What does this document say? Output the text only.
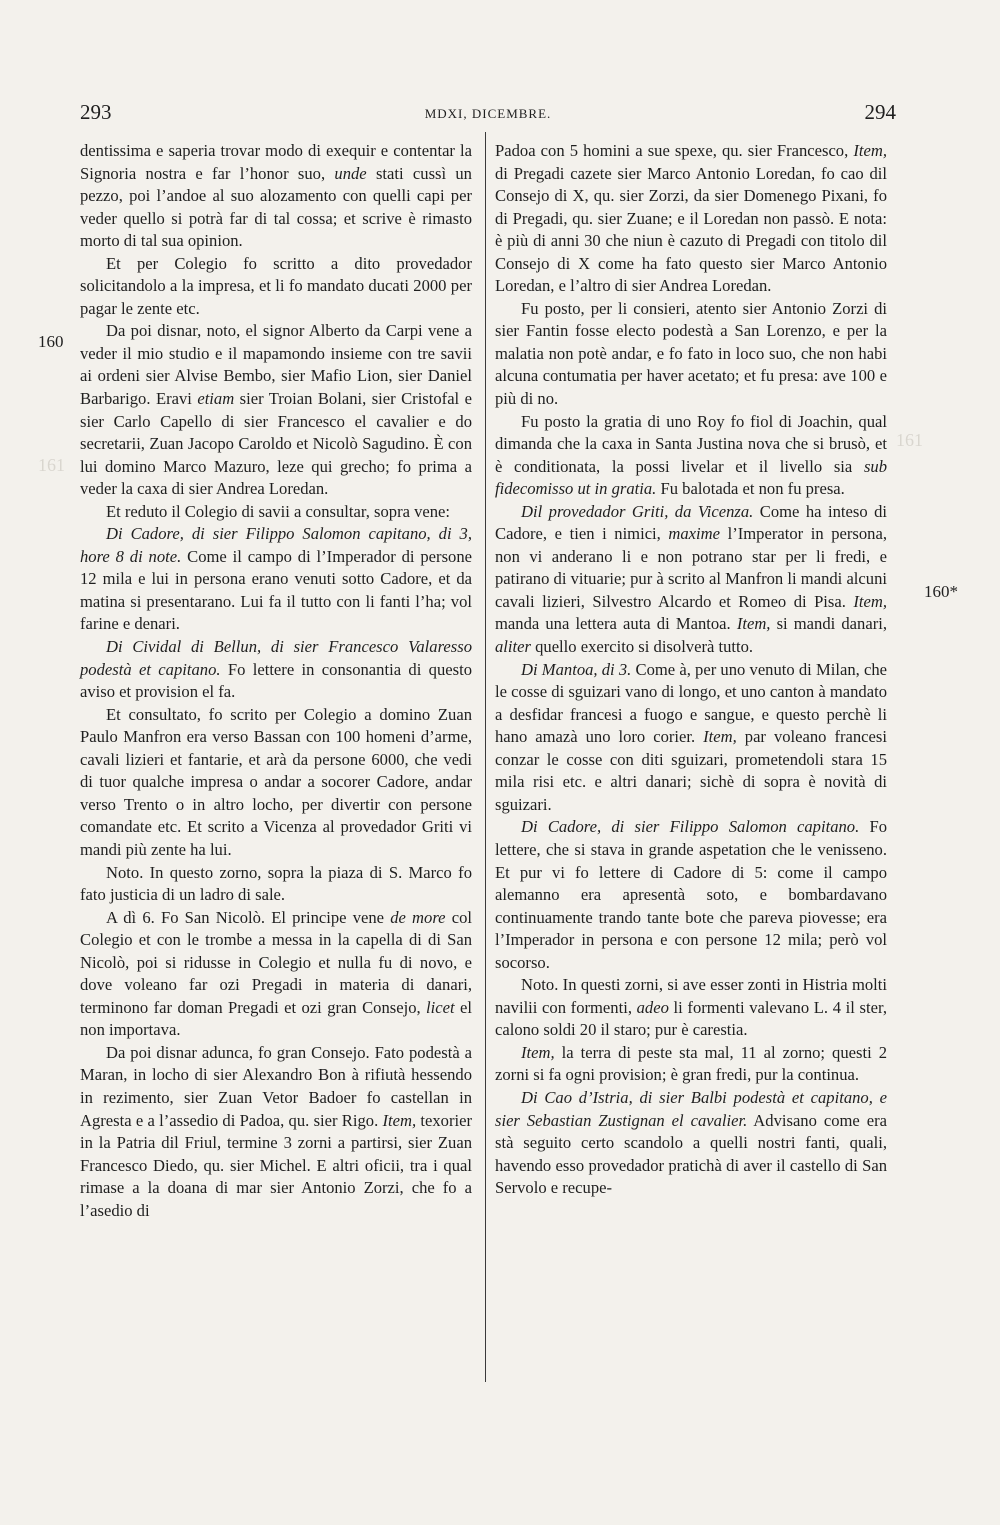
293	MDXI, DICEMBRE.	294
161
161
160
160*

dentissima e saperia trovar modo di exequir e contentar la Signoria nostra e far l’honor suo, unde stati cussì un pezzo, poi l’andoe al suo alozamento con quelli capi per veder quello si potrà far di tal cossa; et scrive è rimasto morto di tal sua opinion.

Et per Colegio fo scritto a dito provedador solicitandolo a la impresa, et li fo mandato ducati 2000 per pagar le zente etc.

Da poi disnar, noto, el signor Alberto da Carpi vene a veder il mio studio e il mapamondo insieme con tre savii ai ordeni sier Alvise Bembo, sier Mafio Lion, sier Daniel Barbarigo. Eravi etiam sier Troian Bolani, sier Cristofal e sier Carlo Capello di sier Francesco el cavalier e do secretarii, Zuan Jacopo Caroldo et Nicolò Sagudino. È con lui domino Marco Mazuro, leze qui grecho; fo prima a veder la caxa di sier Andrea Loredan.

Et reduto il Colegio di savii a consultar, sopra vene:

Di Cadore, di sier Filippo Salomon capitano, di 3, hore 8 di note. Come il campo di l’Imperador di persone 12 mila e lui in persona erano venuti sotto Cadore, et da matina si presentarano. Lui fa il tutto con li fanti l’ha; vol farine e denari.

Di Cividal di Bellun, di sier Francesco Valaresso podestà et capitano. Fo lettere in consonantia di questo aviso et provision el fa.

Et consultato, fo scrito per Colegio a domino Zuan Paulo Manfron era verso Bassan con 100 homeni d’arme, cavali lizieri et fantarie, et arà da persone 6000, che vedi di tuor qualche impresa o andar a socorer Cadore, andar verso Trento o in altro locho, per divertir con persone comandate etc. Et scrito a Vicenza al provedador Griti vi mandi più zente ha lui.

Noto. In questo zorno, sopra la piaza di S. Marco fo fato justicia di un ladro di sale.

A dì 6. Fo San Nicolò. El principe vene de more col Colegio et con le trombe a messa in la capella di di San Nicolò, poi si ridusse in Colegio et nulla fu di novo, e dove voleano far ozi Pregadi in materia di danari, terminono far doman Pregadi et ozi gran Consejo, licet el non importava.

Da poi disnar adunca, fo gran Consejo. Fato podestà a Maran, in locho di sier Alexandro Bon à rifiutà hessendo in rezimento, sier Zuan Vetor Badoer fo castellan in Agresta e a l’assedio di Padoa, qu. sier Rigo. Item, texorier in la Patria dil Friul, termine 3 zorni a partirsi, sier Zuan Francesco Diedo, qu. sier Michel. E altri oficii, tra i qual rimase a la doana di mar sier Antonio Zorzi, che fo a l’asedio di

Padoa con 5 homini a sue spexe, qu. sier Francesco, Item, di Pregadi cazete sier Marco Antonio Loredan, fo cao dil Consejo di X, qu. sier Zorzi, da sier Domenego Pixani, fo di Pregadi, qu. sier Zuane; e il Loredan non passò. E nota: è più di anni 30 che niun è cazuto di Pregadi con titolo dil Consejo di X come ha fato questo sier Marco Antonio Loredan, e l’altro di sier Andrea Loredan.

Fu posto, per li consieri, atento sier Antonio Zorzi di sier Fantin fosse electo podestà a San Lorenzo, e per la malatia non potè andar, e fo fato in loco suo, che non habi alcuna contumatia per haver acetato; et fu presa: ave 100 e più di no.

Fu posto la gratia di uno Roy fo fiol di Joachin, qual dimanda che la caxa in Santa Justina nova che si brusò, et è conditionata, la possi livelar et il livello sia sub fidecomisso ut in gratia. Fu balotada et non fu presa.

Dil provedador Griti, da Vicenza. Come ha inteso di Cadore, e tien i nimici, maxime l’Imperator in persona, non vi anderano li e non potrano star per li fredi, e patirano di vituarie; pur à scrito al Manfron li mandi alcuni cavali lizieri, Silvestro Alcardo et Romeo di Pisa. Item, manda una lettera auta di Mantoa. Item, si mandi danari, aliter quello exercito si disolverà tutto.

Di Mantoa, di 3. Come à, per uno venuto di Milan, che le cosse di sguizari vano di longo, et uno canton à mandato a desfidar francesi a fuogo e sangue, e questo perchè li hano amazà uno loro corier. Item, par voleano francesi conzar le cosse con diti sguizari, prometendoli stara 15 mila risi etc. e altri danari; sichè di sopra è novità di sguizari.

Di Cadore, di sier Filippo Salomon capitano. Fo lettere, che si stava in grande aspetation che le venisseno. Et pur vi fo lettere di Cadore di 5: come il campo alemanno era apresentà soto, e bombardavano continuamente trando tante bote che pareva piovesse; era l’Imperador in persona e con persone 12 mila; però vol socorso.

Noto. In questi zorni, si ave esser zonti in Histria molti navilii con formenti, adeo li formenti valevano L. 4 il ster, calono soldi 20 il staro; pur è carestia.

Item, la terra di peste sta mal, 11 al zorno; questi 2 zorni si fa ogni provision; è gran fredi, pur la continua.

Di Cao d’Istria, di sier Balbi podestà et capitano, e sier Sebastian Zustignan el cavalier. Advisano come era stà seguito certo scandolo a quelli nostri fanti, quali, havendo esso provedador pratichà di aver il castello di San Servolo e recupe-
